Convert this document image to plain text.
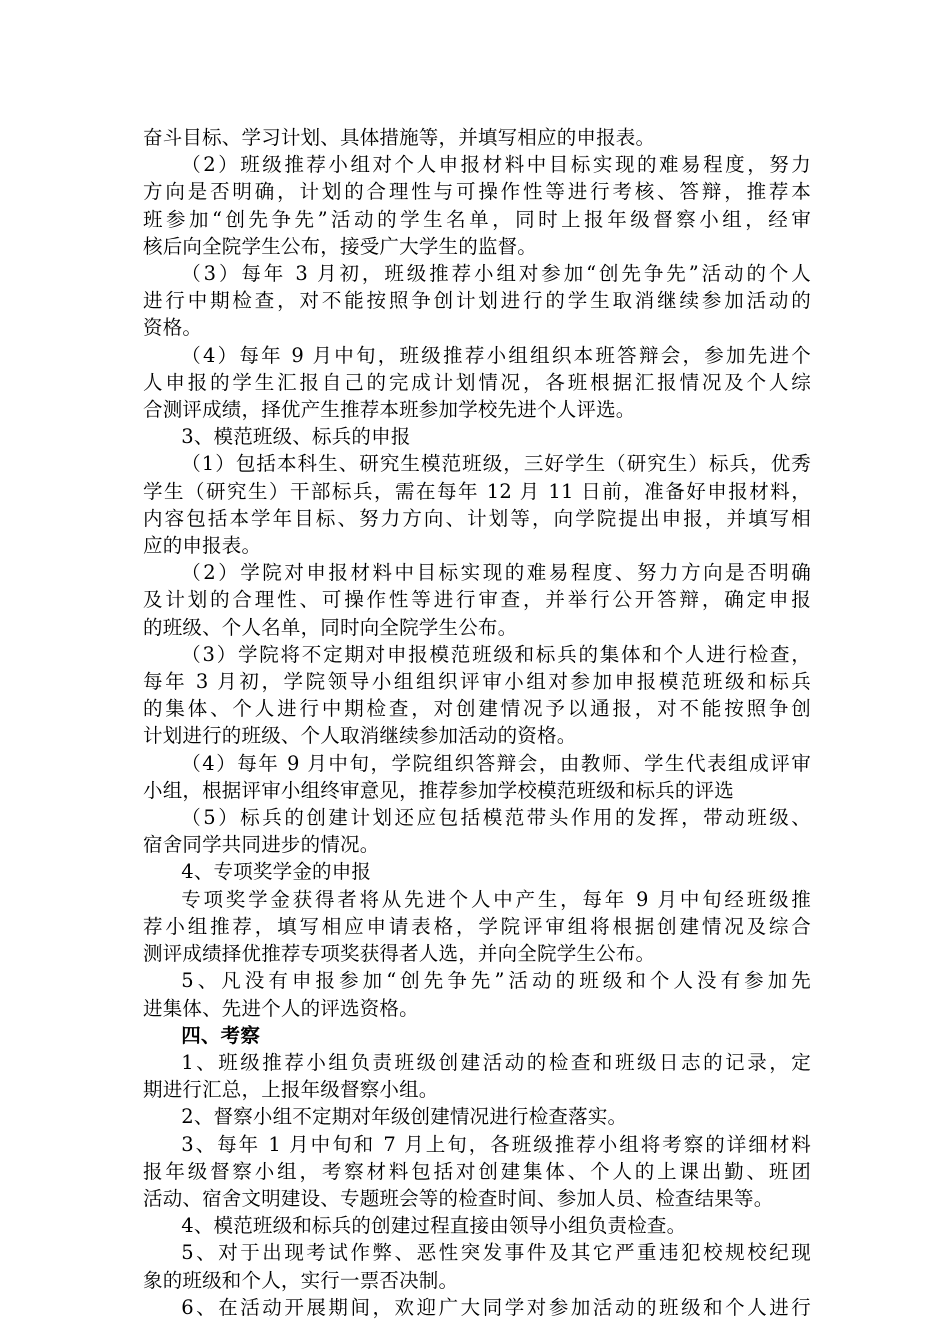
奋斗目标、学习计划、具体措施等，并填写相应的申报表。
（2）班级推荐小组对个人申报材料中目标实现的难易程度，努力
方向是否明确，计划的合理性与可操作性等进行考核、答辩，推荐本
班参加“创先争先”活动的学生名单，同时上报年级督察小组，经审
核后向全院学生公布，接受广大学生的监督。
（3）每年 3 月初，班级推荐小组对参加“创先争先”活动的个人
进行中期检查，对不能按照争创计划进行的学生取消继续参加活动的
资格。
（4）每年 9 月中旬，班级推荐小组组织本班答辩会，参加先进个
人申报的学生汇报自己的完成计划情况，各班根据汇报情况及个人综
合测评成绩，择优产生推荐本班参加学校先进个人评选。
3、模范班级、标兵的申报
（1）包括本科生、研究生模范班级，三好学生（研究生）标兵，优秀
学生（研究生）干部标兵，需在每年 12 月 11 日前，准备好申报材料，
内容包括本学年目标、努力方向、计划等，向学院提出申报，并填写相
应的申报表。
（2）学院对申报材料中目标实现的难易程度、努力方向是否明确
及计划的合理性、可操作性等进行审查，并举行公开答辩，确定申报
的班级、个人名单，同时向全院学生公布。
（3）学院将不定期对申报模范班级和标兵的集体和个人进行检查，
每年 3 月初，学院领导小组组织评审小组对参加申报模范班级和标兵
的集体、个人进行中期检查，对创建情况予以通报，对不能按照争创
计划进行的班级、个人取消继续参加活动的资格。
（4）每年 9 月中旬，学院组织答辩会，由教师、学生代表组成评审
小组，根据评审小组终审意见，推荐参加学校模范班级和标兵的评选
（5）标兵的创建计划还应包括模范带头作用的发挥，带动班级、
宿舍同学共同进步的情况。
4、专项奖学金的申报
专项奖学金获得者将从先进个人中产生，每年 9 月中旬经班级推
荐小组推荐，填写相应申请表格，学院评审组将根据创建情况及综合
测评成绩择优推荐专项奖获得者人选，并向全院学生公布。
5、凡没有申报参加“创先争先”活动的班级和个人没有参加先
进集体、先进个人的评选资格。
四、考察
1、班级推荐小组负责班级创建活动的检查和班级日志的记录，定
期进行汇总，上报年级督察小组。
2、督察小组不定期对年级创建情况进行检查落实。
3、每年 1 月中旬和 7 月上旬，各班级推荐小组将考察的详细材料
报年级督察小组，考察材料包括对创建集体、个人的上课出勤、班团
活动、宿舍文明建设、专题班会等的检查时间、参加人员、检查结果等。
4、模范班级和标兵的创建过程直接由领导小组负责检查。
5、对于出现考试作弊、恶性突发事件及其它严重违犯校规校纪现
象的班级和个人，实行一票否决制。
6、在活动开展期间，欢迎广大同学对参加活动的班级和个人进行
